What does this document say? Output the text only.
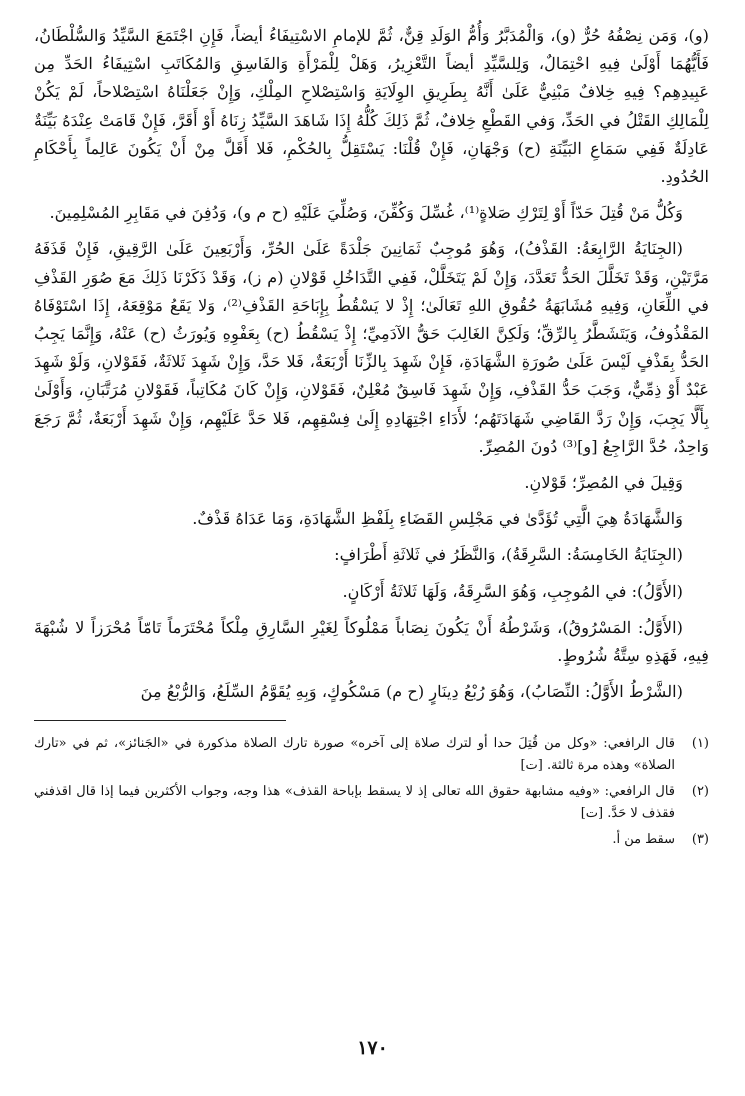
(و)، وَمَن نِصْفُهُ حُرٌّ (و)، وَالْمُدَبَّرُ وَأُمُّ الوَلَدِ قِنٌّ، ثُمَّ للإمامِ الاسْتِيفَاءُ أيضاً، فَإِنِ اجْتَمَعَ السَّيِّدُ وَالسُّلْطَانُ، فَأَيُّهُمَا أَوْلَىٰ فِيهِ احْتِمَالٌ، وَلِلسَّيِّدِ أيضاً التَّعْزِيرُ، وَهَلْ لِلْمَرْأَةِ وَالفَاسِقِ وَالمُكَاتَبِ اسْتِيفَاءُ الحَدِّ مِن عَبِيدِهِم؟ فِيهِ خِلافٌ مَبْنِيٌّ عَلَىٰ أَنَّهُ بِطَرِيقِ الوِلَايَةِ وَاسْتِصْلاحِ المِلْكِ، وَإِنْ جَعَلْنَاهُ اسْتِصْلاحاً، لَمْ يَكُنْ لِلْمَالِكِ القَتْلُ في الحَدِّ، وَفي القَطْعِ خِلافٌ، ثُمَّ ذَلِكَ كُلُّهُ إِذَا شَاهَدَ السَّيِّدُ زِنَاهُ أَوْ أَقَرَّ، فَإِنْ قَامَتْ عِنْدَهُ بَيِّنَةٌ عَادِلَةٌ فَفِي سَمَاعِ البَيِّنَةِ (ح) وَجْهَانِ، فَإِنْ قُلْنَا: يَسْتَقِلُّ بِالحُكْمِ، فَلا أَقَلَّ مِنْ أَنْ يَكُونَ عَالِماً بِأَحْكَامِ الحُدُودِ.

وَكُلُّ مَنْ قُتِلَ حَدّاً أَوْ لِتَرْكِ صَلاةٍ⁽¹⁾، غُسِّلَ وَكُفِّنَ، وَصُلِّيَ عَلَيْهِ (ح م و)، وَدُفِنَ في مَقَابِرِ المُسْلِمِينَ.

(الجِنَايَةُ الرَّابِعَةُ: القَذْفُ)، وَهُوَ مُوجِبٌ ثَمَانِينَ جَلْدَةً عَلَىٰ الحُرِّ، وَأَرْبَعِينَ عَلَىٰ الرَّقِيقِ، فَإِنْ قَذَفَهُ مَرَّتَيْنِ، وَقَدْ تَخَلَّلَ الحَدُّ تَعَدَّدَ، وَإِنْ لَمْ يَتَخَلَّلْ، فَفِي التَّدَاخُلِ قَوْلانِ (م ز)، وَقَدْ ذَكَرْنَا ذَلِكَ مَعَ صُوَرِ القَذْفِ في اللِّعَانِ، وَفِيهِ مُشَابَهَةُ حُقُوقِ اللهِ تَعَالَىٰ؛ إِذْ لا يَسْقُطُ بِإِبَاحَةِ القَذْفِ⁽²⁾، وَلا يَقَعُ مَوْقِعَهُ، إِذَا اسْتَوْفَاهُ المَقْذُوفُ، وَيَتَشَطَّرُ بِالرِّقِّ؛ وَلَكِنَّ الغَالِبَ حَقُّ الآدَمِيِّ؛ إِذْ يَسْقُطُ (ح) بِعَفْوِهِ وَيُورَثُ (ح) عَنْهُ، وَإِنَّمَا يَجِبُ الحَدُّ بِقَذْفٍ لَيْسَ عَلَىٰ صُورَةِ الشَّهَادَةِ، فَإِنْ شَهِدَ بِالزِّنَا أَرْبَعَةٌ، فَلا حَدَّ، وَإِنْ شَهِدَ ثَلاثَةٌ، فَقَوْلانِ، وَلَوْ شَهِدَ عَبْدٌ أَوْ ذِمِّيٌّ، وَجَبَ حَدُّ القَذْفِ، وَإِنْ شَهِدَ فَاسِقٌ مُعْلِنٌ، فَقَوْلانِ، وَإِنْ كَانَ مُكَاتِباً، فَقَوْلانِ مُرَتَّبَانِ، وَأَوْلَىٰ بِأَلَّا يَجِبَ، وَإِنْ رَدَّ القَاضِي شَهَادَتَهُم؛ لأَدَاءِ اجْتِهَادِهِ إِلَىٰ فِسْقِهِم، فَلا حَدَّ عَلَيْهِم، وَإِنْ شَهِدَ أَرْبَعَةٌ، ثُمَّ رَجَعَ وَاحِدٌ، حُدَّ الرَّاجِعُ [و]⁽³⁾ دُونَ المُصِرِّ.

وَقِيلَ في المُصِرِّ؛ قَوْلانِ.

وَالشَّهَادَةُ هِيَ الَّتِي تُؤَدَّىٰ في مَجْلِسِ القَضَاءِ بِلَفْظِ الشَّهَادَةِ، وَمَا عَدَاهُ قَذْفٌ.

(الجِنَايَةُ الخَامِسَةُ: السَّرِقَةُ)، وَالنَّظَرُ في ثَلاثَةِ أَطْرَافٍ:

(الأَوَّلُ): في المُوجِبِ، وَهُوَ السَّرِقَةُ، وَلَهَا ثَلاثَةُ أَرْكَانٍ.

(الأَوَّلُ: المَسْرُوقُ)، وَشَرْطُهُ أَنْ يَكُونَ نِصَاباً مَمْلُوكاً لِغَيْرِ السَّارِقِ مِلْكاً مُحْتَرَماً تَامّاً مُحْرَزاً لا شُبْهَةَ فِيهِ، فَهَذِهِ سِتَّةُ شُرُوطٍ.

(الشَّرْطُ الأَوَّلُ: النِّصَابُ)، وَهُوَ رُبْعُ دِينَارٍ (ح م) مَسْكُوكٍ، وَبِهِ يُقَوَّمُ السِّلَعُ، وَالرُّبْعُ مِنَ

(١)
قال الرافعي: «وكل من قُتِلَ حدا أو لترك صلاة إلى آخره» صورة تارك الصلاة مذكورة في «الجَنائز»، ثم في «تارك الصلاة» وهذه مرة ثالثة. [ت]
(٢)
قال الرافعي: «وفيه مشابهة حقوق الله تعالى إذ لا يسقط بإباحة القذف» هذا وجه، وجواب الأكثرين فيما إذا قال اقذفني فقذف لا حَدَّ. [ت]
(٣)
سقط من أ.
١٧٠
